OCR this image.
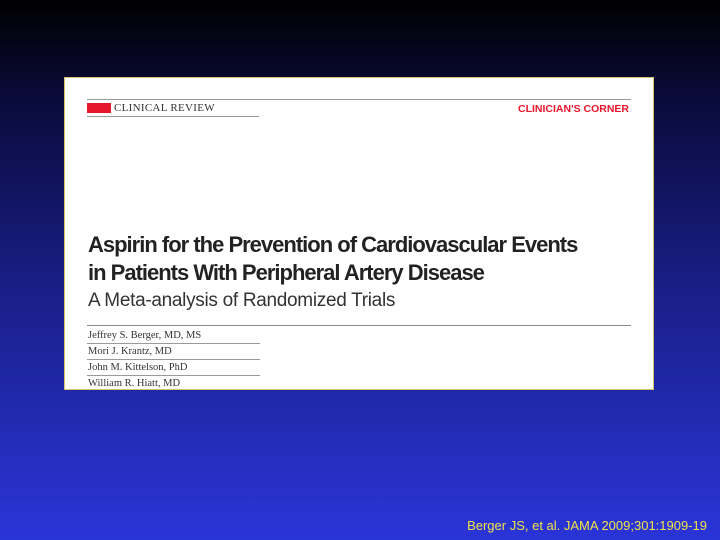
CLINICAL REVIEW	CLINICIAN'S CORNER
Aspirin for the Prevention of Cardiovascular Events
in Patients With Peripheral Artery Disease
A Meta-analysis of Randomized Trials
Jeffrey S. Berger, MD, MS
Mori J. Krantz, MD
John M. Kittelson, PhD
William R. Hiatt, MD
Berger JS, et al. JAMA 2009;301:1909-19
